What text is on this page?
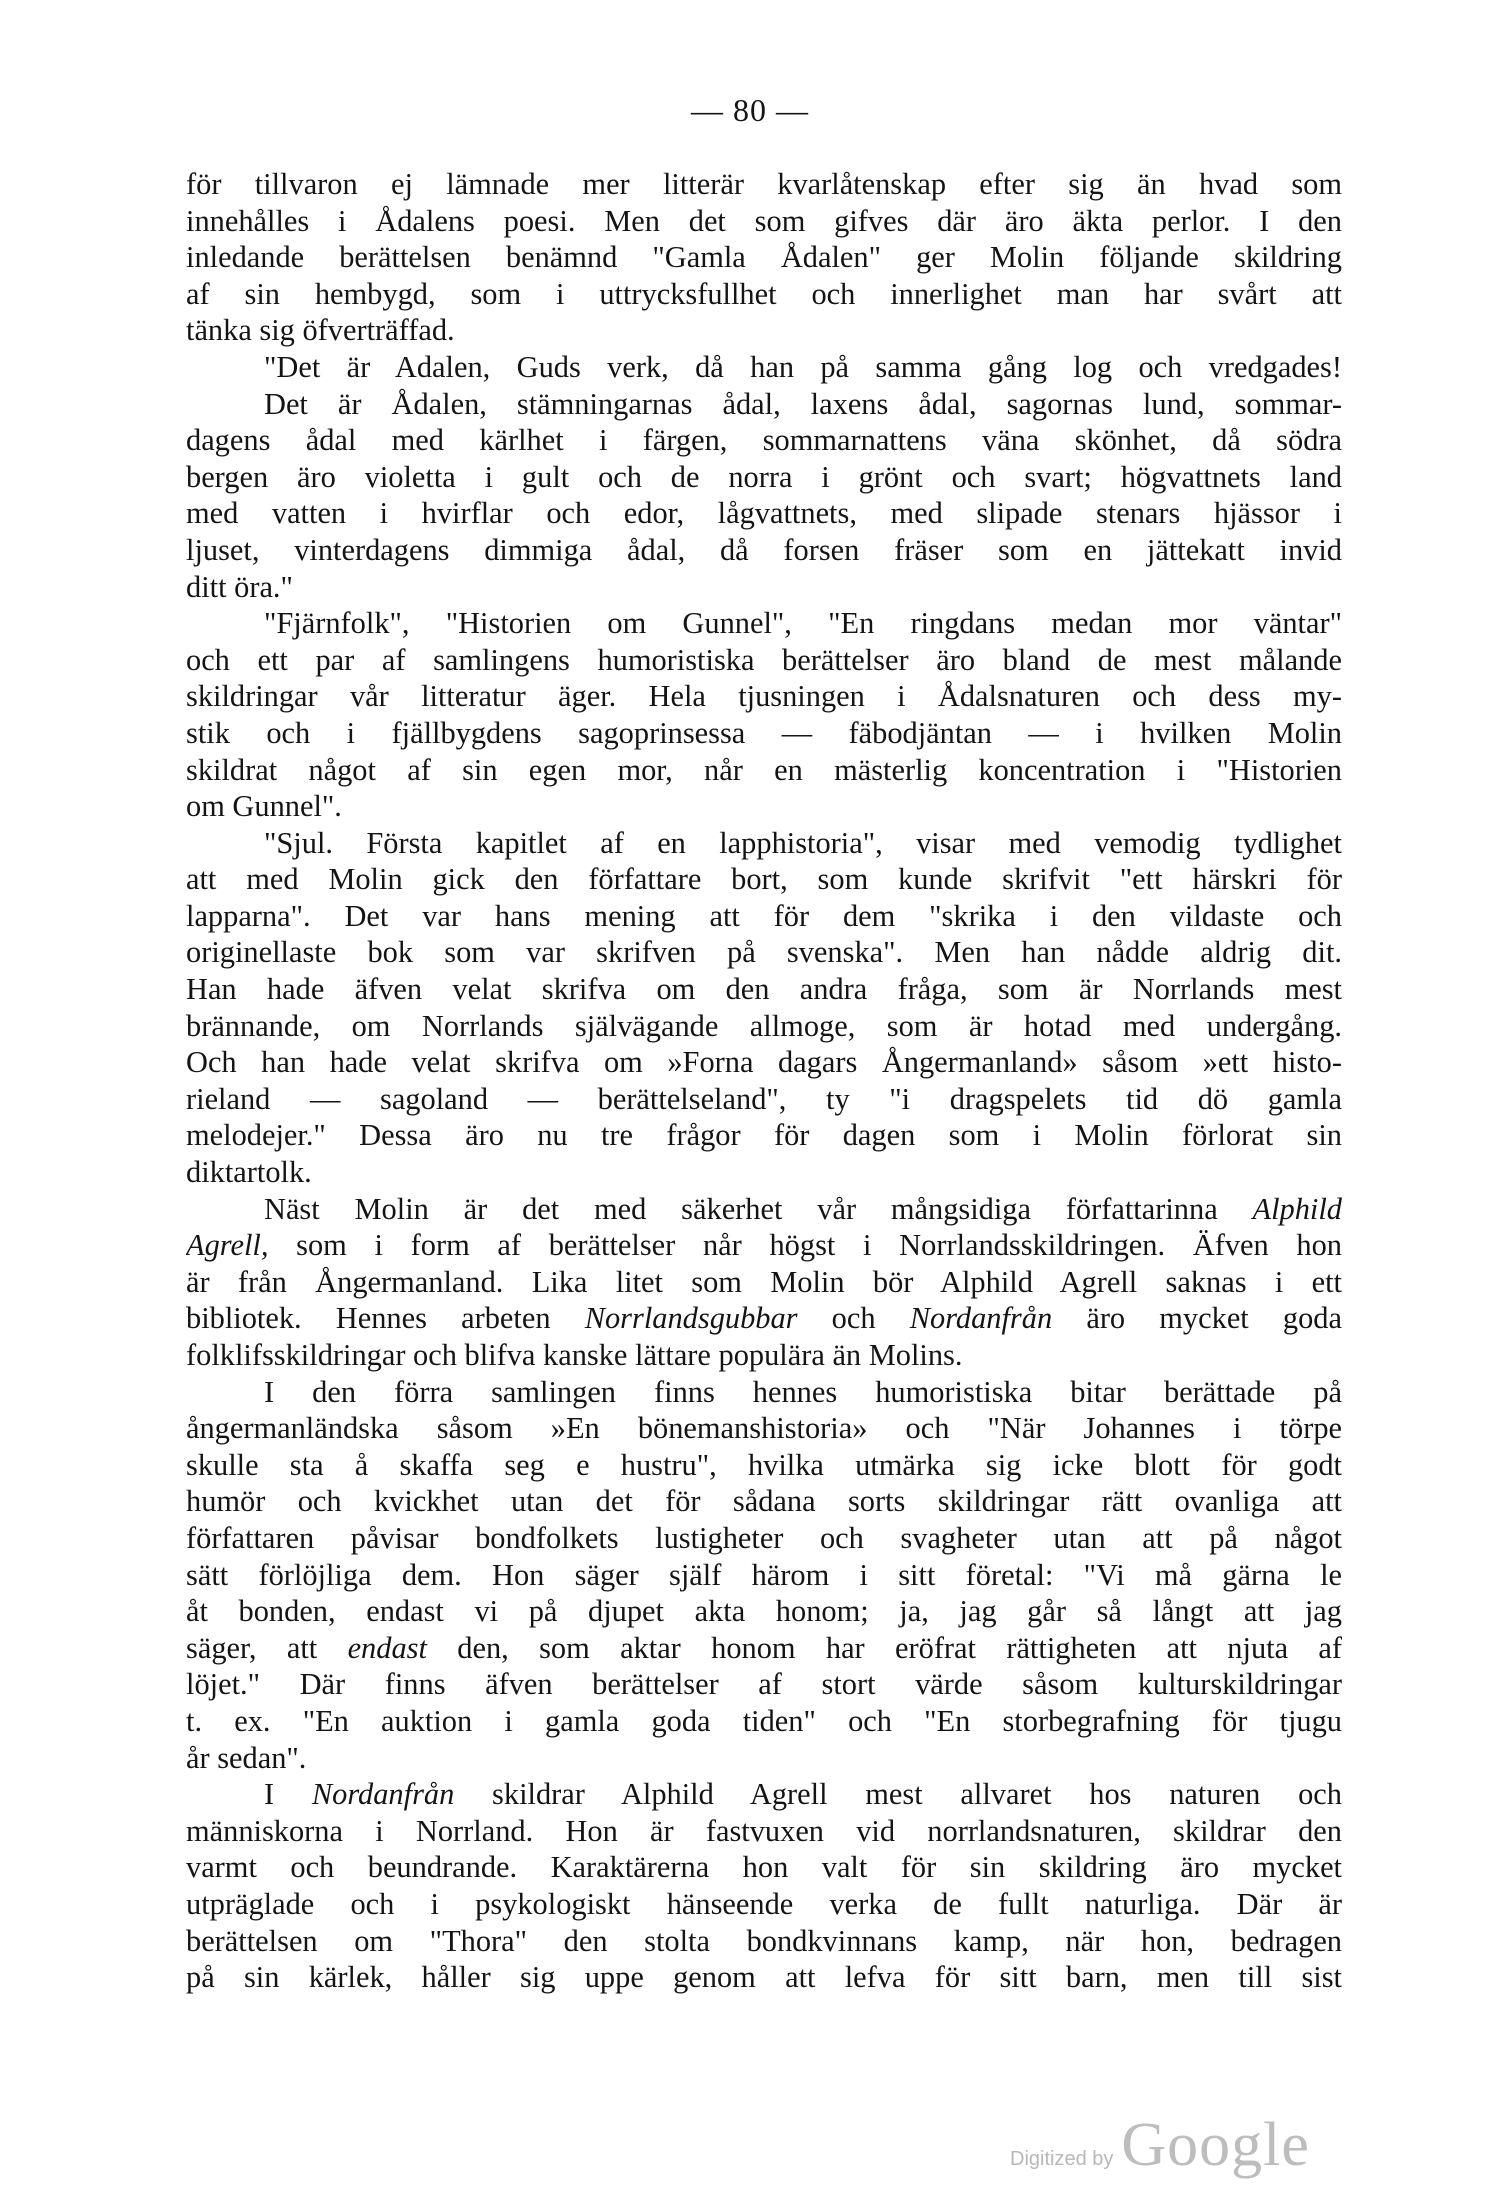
— 80 —
för tillvaron ej lämnade mer litterär kvarlåtenskap efter sig än hvad som
innehålles i Ådalens poesi. Men det som gifves där äro äkta perlor. I den
inledande berättelsen benämnd "Gamla Ådalen" ger Molin följande skildring
af sin hembygd, som i uttrycksfullhet och innerlighet man har svårt att
tänka sig öfverträffad.
"Det är Adalen, Guds verk, då han på samma gång log och vredgades!
Det är Ådalen, stämningarnas ådal, laxens ådal, sagornas lund, sommar-
dagens ådal med kärlhet i färgen, sommarnattens väna skönhet, då södra
bergen äro violetta i gult och de norra i grönt och svart; högvattnets land
med vatten i hvirflar och edor, lågvattnets, med slipade stenars hjässor i
ljuset, vinterdagens dimmiga ådal, då forsen fräser som en jättekatt invid
ditt öra."
"Fjärnfolk", "Historien om Gunnel", "En ringdans medan mor väntar"
och ett par af samlingens humoristiska berättelser äro bland de mest målande
skildringar vår litteratur äger. Hela tjusningen i Ådalsnaturen och dess my-
stik och i fjällbygdens sagoprinsessa — fäbodjäntan — i hvilken Molin
skildrat något af sin egen mor, når en mästerlig koncentration i "Historien
om Gunnel".
"Sjul. Första kapitlet af en lapphistoria", visar med vemodig tydlighet
att med Molin gick den författare bort, som kunde skrifvit "ett härskri för
lapparna". Det var hans mening att för dem "skrika i den vildaste och
originellaste bok som var skrifven på svenska". Men han nådde aldrig dit.
Han hade äfven velat skrifva om den andra fråga, som är Norrlands mest
brännande, om Norrlands självägande allmoge, som är hotad med undergång.
Och han hade velat skrifva om »Forna dagars Ångermanland» såsom »ett histo-
rieland — sagoland — berättelseland", ty "i dragspelets tid dö gamla
melodejer." Dessa äro nu tre frågor för dagen som i Molin förlorat sin
diktartolk.
Näst Molin är det med säkerhet vår mångsidiga författarinna Alphild
Agrell, som i form af berättelser når högst i Norrlandsskildringen. Äfven hon
är från Ångermanland. Lika litet som Molin bör Alphild Agrell saknas i ett
bibliotek. Hennes arbeten Norrlandsgubbar och Nordanfrån äro mycket goda
folklifsskildringar och blifva kanske lättare populära än Molins.
I den förra samlingen finns hennes humoristiska bitar berättade på
ångermanländska såsom »En bönemanshistoria» och "När Johannes i törpe
skulle sta å skaffa seg e hustru", hvilka utmärka sig icke blott för godt
humör och kvickhet utan det för sådana sorts skildringar rätt ovanliga att
författaren påvisar bondfolkets lustigheter och svagheter utan att på något
sätt förlöjliga dem. Hon säger själf härom i sitt företal: "Vi må gärna le
åt bonden, endast vi på djupet akta honom; ja, jag går så långt att jag
säger, att endast den, som aktar honom har eröfrat rättigheten att njuta af
löjet." Där finns äfven berättelser af stort värde såsom kulturskildringar
t. ex. "En auktion i gamla goda tiden" och "En storbegrafning för tjugu
år sedan".
I Nordanfrån skildrar Alphild Agrell mest allvaret hos naturen och
människorna i Norrland. Hon är fastvuxen vid norrlandsnaturen, skildrar den
varmt och beundrande. Karaktärerna hon valt för sin skildring äro mycket
utpräglade och i psykologiskt hänseende verka de fullt naturliga. Där är
berättelsen om "Thora" den stolta bondkvinnans kamp, när hon, bedragen
på sin kärlek, håller sig uppe genom att lefva för sitt barn, men till sist
Digitized by Google
